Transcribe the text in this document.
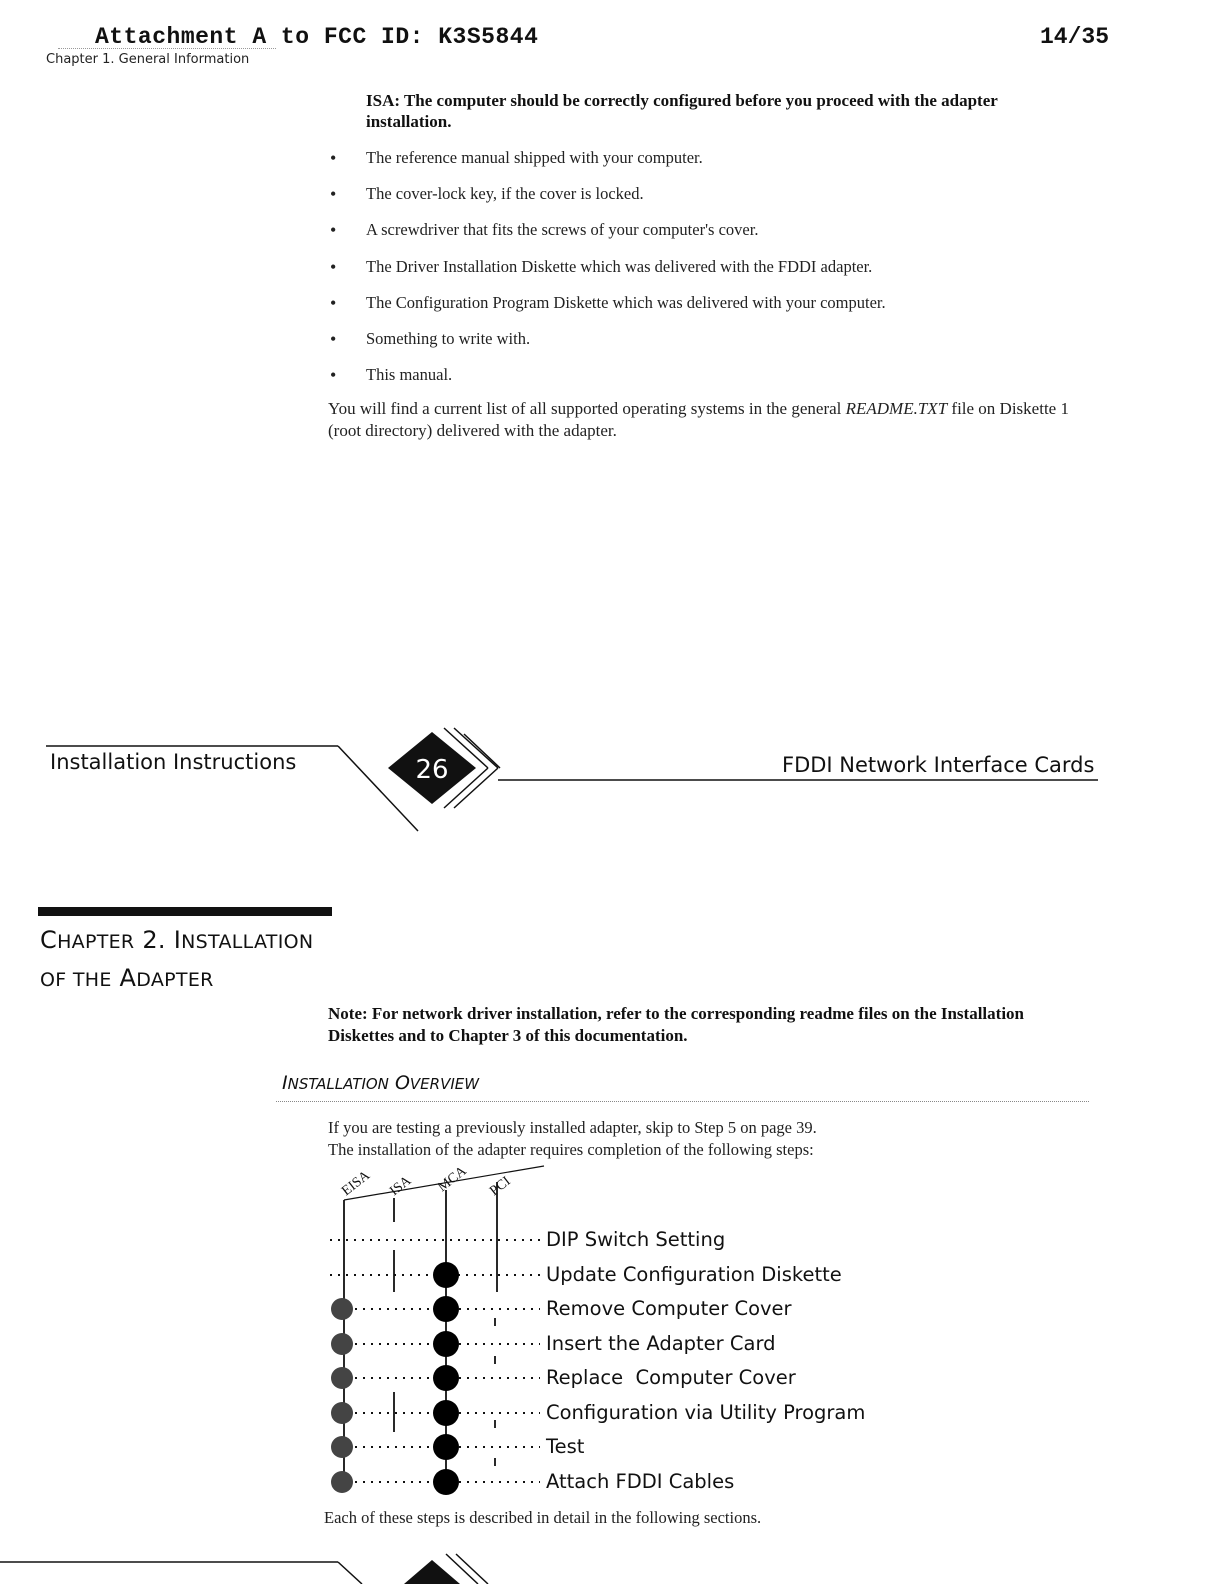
Attachment A to FCC ID: K3S5844	14/35
Chapter 1. General Information
ISA: The computer should be correctly configured before you proceed with the adapter installation.
• The reference manual shipped with your computer.
• The cover-lock key, if the cover is locked.
• A screwdriver that fits the screws of your computer's cover.
• The Driver Installation Diskette which was delivered with the FDDI adapter.
• The Configuration Program Diskette which was delivered with your computer.
• Something to write with.
• This manual.
You will find a current list of all supported operating systems in the general README.TXT file on Diskette 1 (root directory) delivered with the adapter.
26
Installation Instructions	FDDI Network Interface Cards
CHAPTER 2. INSTALLATION
OF THE ADAPTER
Note: For network driver installation, refer to the corresponding readme files on the Installation Diskettes and to Chapter 3 of this documentation.
INSTALLATION OVERVIEW
If you are testing a previously installed adapter, skip to Step 5 on page 39.
The installation of the adapter requires completion of the following steps:
EISA ISA MCA PCI
DIP Switch Setting
Update Configuration Diskette
Remove Computer Cover
Insert the Adapter Card
Replace  Computer Cover
Configuration via Utility Program
Test
Attach FDDI Cables
Each of these steps is described in detail in the following sections.
